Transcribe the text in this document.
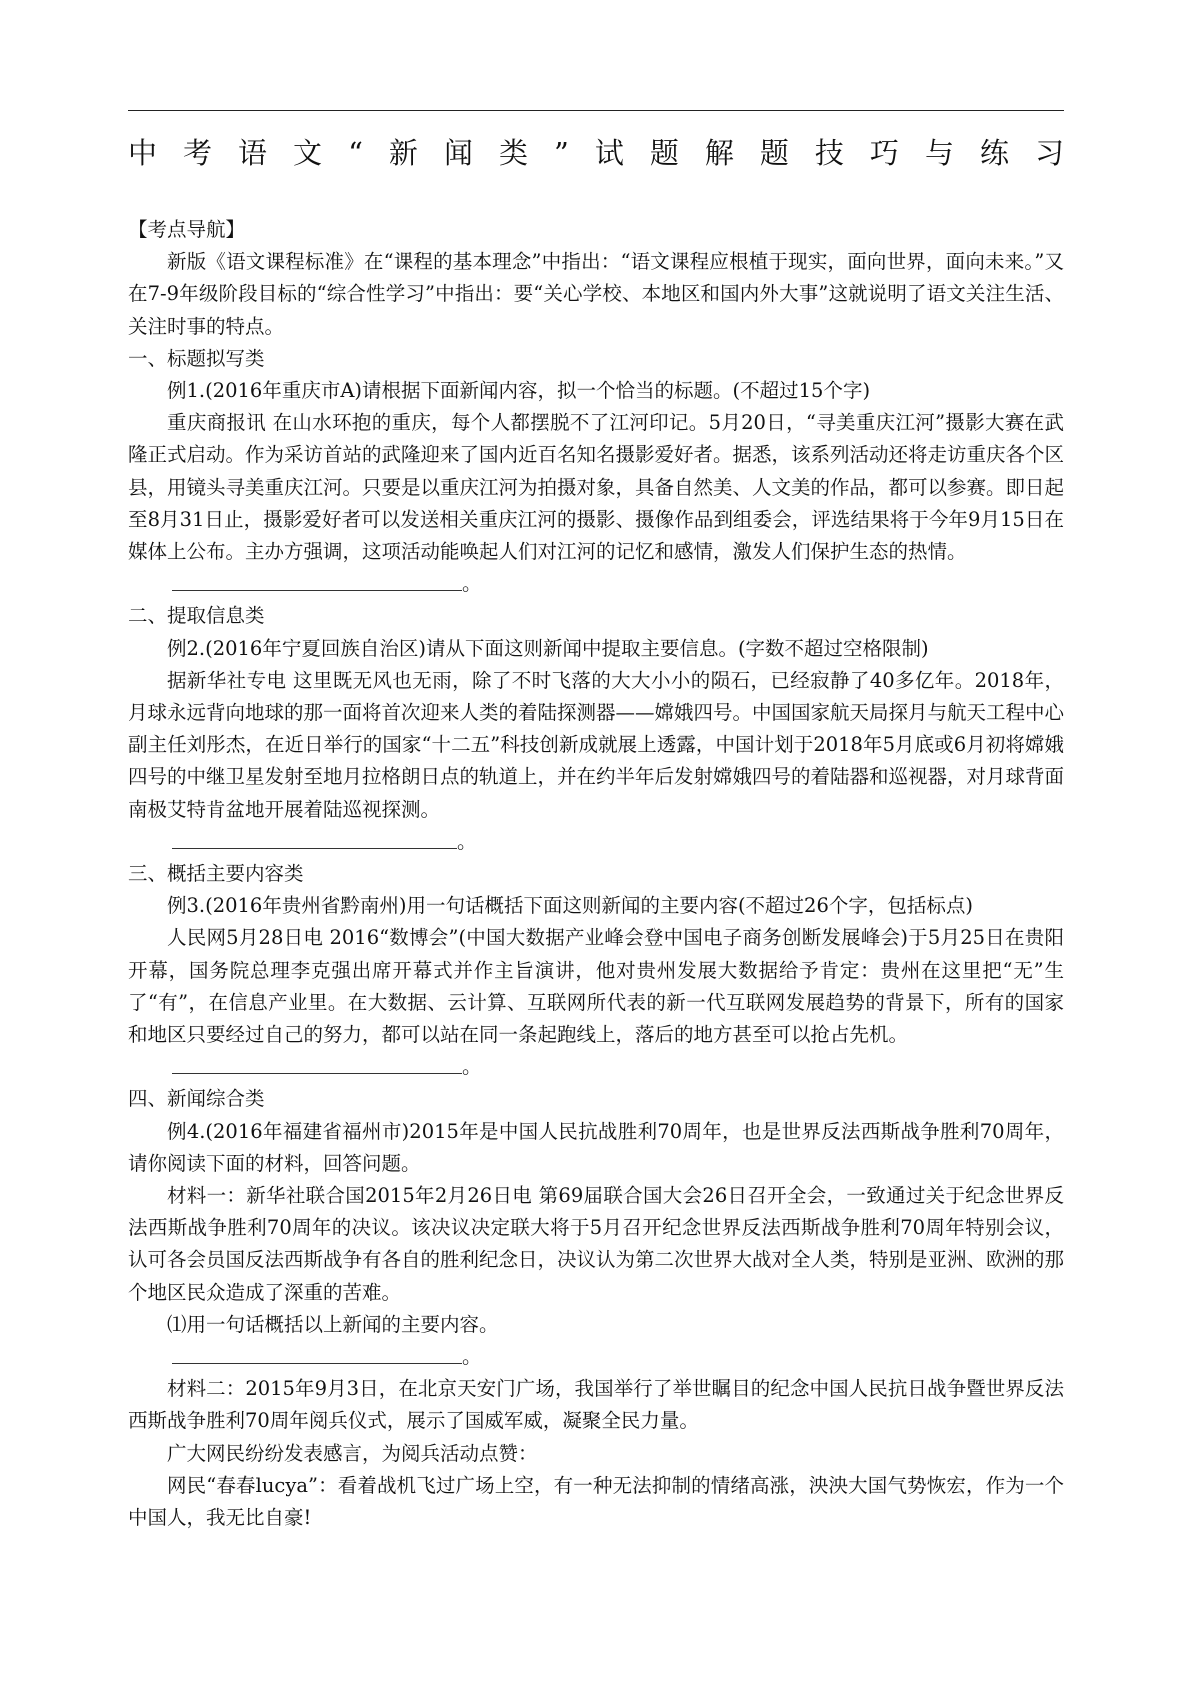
中考语文“新闻类”试题解题技巧与练习

【考点导航】

新版《语文课程标准》在“课程的基本理念”中指出：“语文课程应根植于现实，面向世界，面向未来。”又在7-9年级阶段目标的“综合性学习”中指出：要“关心学校、本地区和国内外大事”这就说明了语文关注生活、关注时事的特点。

一、标题拟写类

例1.(2016年重庆市A)请根据下面新闻内容，拟一个恰当的标题。(不超过15个字)

重庆商报讯 在山水环抱的重庆，每个人都摆脱不了江河印记。5月20日，“寻美重庆江河”摄影大赛在武隆正式启动。作为采访首站的武隆迎来了国内近百名知名摄影爱好者。据悉，该系列活动还将走访重庆各个区县，用镜头寻美重庆江河。只要是以重庆江河为拍摄对象，具备自然美、人文美的作品，都可以参赛。即日起至8月31日止，摄影爱好者可以发送相关重庆江河的摄影、摄像作品到组委会，评选结果将于今年9月15日在媒体上公布。主办方强调，这项活动能唤起人们对江河的记忆和感情，激发人们保护生态的热情。

。

二、提取信息类

例2.(2016年宁夏回族自治区)请从下面这则新闻中提取主要信息。(字数不超过空格限制)

据新华社专电 这里既无风也无雨，除了不时飞落的大大小小的陨石，已经寂静了40多亿年。2018年，月球永远背向地球的那一面将首次迎来人类的着陆探测器——嫦娥四号。中国国家航天局探月与航天工程中心副主任刘彤杰，在近日举行的国家“十二五”科技创新成就展上透露，中国计划于2018年5月底或6月初将嫦娥四号的中继卫星发射至地月拉格朗日点的轨道上，并在约半年后发射嫦娥四号的着陆器和巡视器，对月球背面南极艾特肯盆地开展着陆巡视探测。

。

三、概括主要内容类

例3.(2016年贵州省黔南州)用一句话概括下面这则新闻的主要内容(不超过26个字，包括标点)

人民网5月28日电 2016“数博会”(中国大数据产业峰会登中国电子商务创断发展峰会)于5月25日在贵阳开幕，国务院总理李克强出席开幕式并作主旨演讲，他对贵州发展大数据给予肯定：贵州在这里把“无”生了“有”，在信息产业里。在大数据、云计算、互联网所代表的新一代互联网发展趋势的背景下，所有的国家和地区只要经过自己的努力，都可以站在同一条起跑线上，落后的地方甚至可以抢占先机。

。

四、新闻综合类

例4.(2016年福建省福州市)2015年是中国人民抗战胜利70周年，也是世界反法西斯战争胜利70周年，请你阅读下面的材料，回答问题。

材料一：新华社联合国2015年2月26日电 第69届联合国大会26日召开全会，一致通过关于纪念世界反法西斯战争胜利70周年的决议。该决议决定联大将于5月召开纪念世界反法西斯战争胜利70周年特别会议，认可各会员国反法西斯战争有各自的胜利纪念日，决议认为第二次世界大战对全人类，特别是亚洲、欧洲的那个地区民众造成了深重的苦难。

⑴用一句话概括以上新闻的主要内容。

。

材料二：2015年9月3日，在北京天安门广场，我国举行了举世瞩目的纪念中国人民抗日战争暨世界反法西斯战争胜利70周年阅兵仪式，展示了国威军威，凝聚全民力量。

广大网民纷纷发表感言，为阅兵活动点赞：

网民“春春lucya”：看着战机飞过广场上空，有一种无法抑制的情绪高涨，泱泱大国气势恢宏，作为一个中国人，我无比自豪!
